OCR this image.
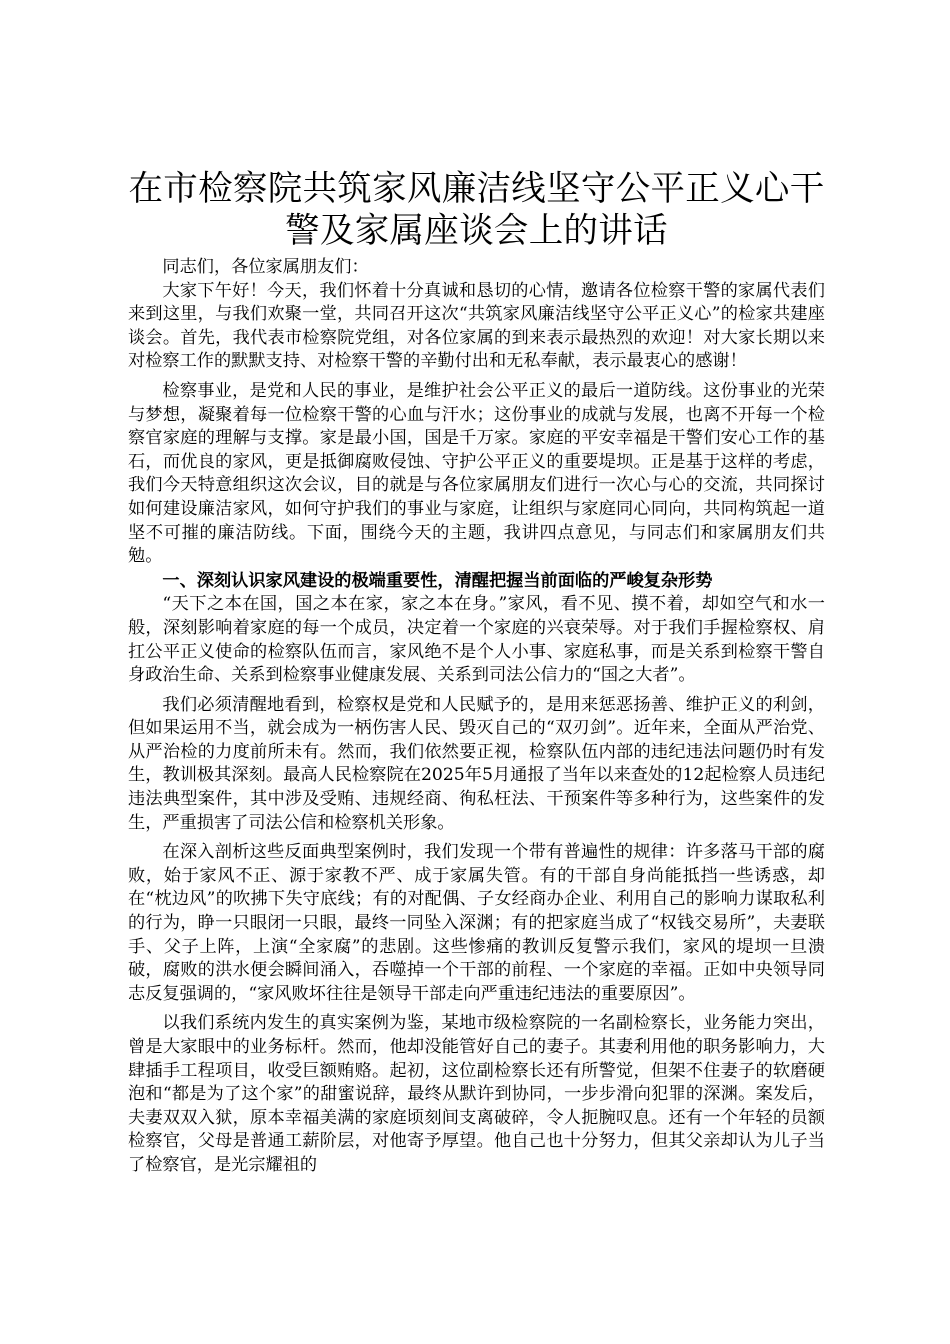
在市检察院共筑家风廉洁线坚守公平正义心干警及家属座谈会上的讲话

同志们，各位家属朋友们：

大家下午好！今天，我们怀着十分真诚和恳切的心情，邀请各位检察干警的家属代表们来到这里，与我们欢聚一堂，共同召开这次“共筑家风廉洁线坚守公平正义心”的检家共建座谈会。首先，我代表市检察院党组，对各位家属的到来表示最热烈的欢迎！对大家长期以来对检察工作的默默支持、对检察干警的辛勤付出和无私奉献，表示最衷心的感谢！

检察事业，是党和人民的事业，是维护社会公平正义的最后一道防线。这份事业的光荣与梦想，凝聚着每一位检察干警的心血与汗水；这份事业的成就与发展，也离不开每一个检察官家庭的理解与支撑。家是最小国，国是千万家。家庭的平安幸福是干警们安心工作的基石，而优良的家风，更是抵御腐败侵蚀、守护公平正义的重要堤坝。正是基于这样的考虑，我们今天特意组织这次会议，目的就是与各位家属朋友们进行一次心与心的交流，共同探讨如何建设廉洁家风，如何守护我们的事业与家庭，让组织与家庭同心同向，共同构筑起一道坚不可摧的廉洁防线。下面，围绕今天的主题，我讲四点意见，与同志们和家属朋友们共勉。

一、深刻认识家风建设的极端重要性，清醒把握当前面临的严峻复杂形势

“天下之本在国，国之本在家，家之本在身。”家风，看不见、摸不着，却如空气和水一般，深刻影响着家庭的每一个成员，决定着一个家庭的兴衰荣辱。对于我们手握检察权、肩扛公平正义使命的检察队伍而言，家风绝不是个人小事、家庭私事，而是关系到检察干警自身政治生命、关系到检察事业健康发展、关系到司法公信力的“国之大者”。

我们必须清醒地看到，检察权是党和人民赋予的，是用来惩恶扬善、维护正义的利剑，但如果运用不当，就会成为一柄伤害人民、毁灭自己的“双刃剑”。近年来，全面从严治党、从严治检的力度前所未有。然而，我们依然要正视，检察队伍内部的违纪违法问题仍时有发生，教训极其深刻。最高人民检察院在2025年5月通报了当年以来查处的12起检察人员违纪违法典型案件，其中涉及受贿、违规经商、徇私枉法、干预案件等多种行为，这些案件的发生，严重损害了司法公信和检察机关形象。

在深入剖析这些反面典型案例时，我们发现一个带有普遍性的规律：许多落马干部的腐败，始于家风不正、源于家教不严、成于家属失管。有的干部自身尚能抵挡一些诱惑，却在“枕边风”的吹拂下失守底线；有的对配偶、子女经商办企业、利用自己的影响力谋取私利的行为，睁一只眼闭一只眼，最终一同坠入深渊；有的把家庭当成了“权钱交易所”，夫妻联手、父子上阵，上演“全家腐”的悲剧。这些惨痛的教训反复警示我们，家风的堤坝一旦溃破，腐败的洪水便会瞬间涌入，吞噬掉一个干部的前程、一个家庭的幸福。正如中央领导同志反复强调的，“家风败坏往往是领导干部走向严重违纪违法的重要原因”。

以我们系统内发生的真实案例为鉴，某地市级检察院的一名副检察长，业务能力突出，曾是大家眼中的业务标杆。然而，他却没能管好自己的妻子。其妻利用他的职务影响力，大肆插手工程项目，收受巨额贿赂。起初，这位副检察长还有所警觉，但架不住妻子的软磨硬泡和“都是为了这个家”的甜蜜说辞，最终从默许到协同，一步步滑向犯罪的深渊。案发后，夫妻双双入狱，原本幸福美满的家庭顷刻间支离破碎，令人扼腕叹息。还有一个年轻的员额检察官，父母是普通工薪阶层，对他寄予厚望。他自己也十分努力，但其父亲却认为儿子当了检察官，是光宗耀祖的
